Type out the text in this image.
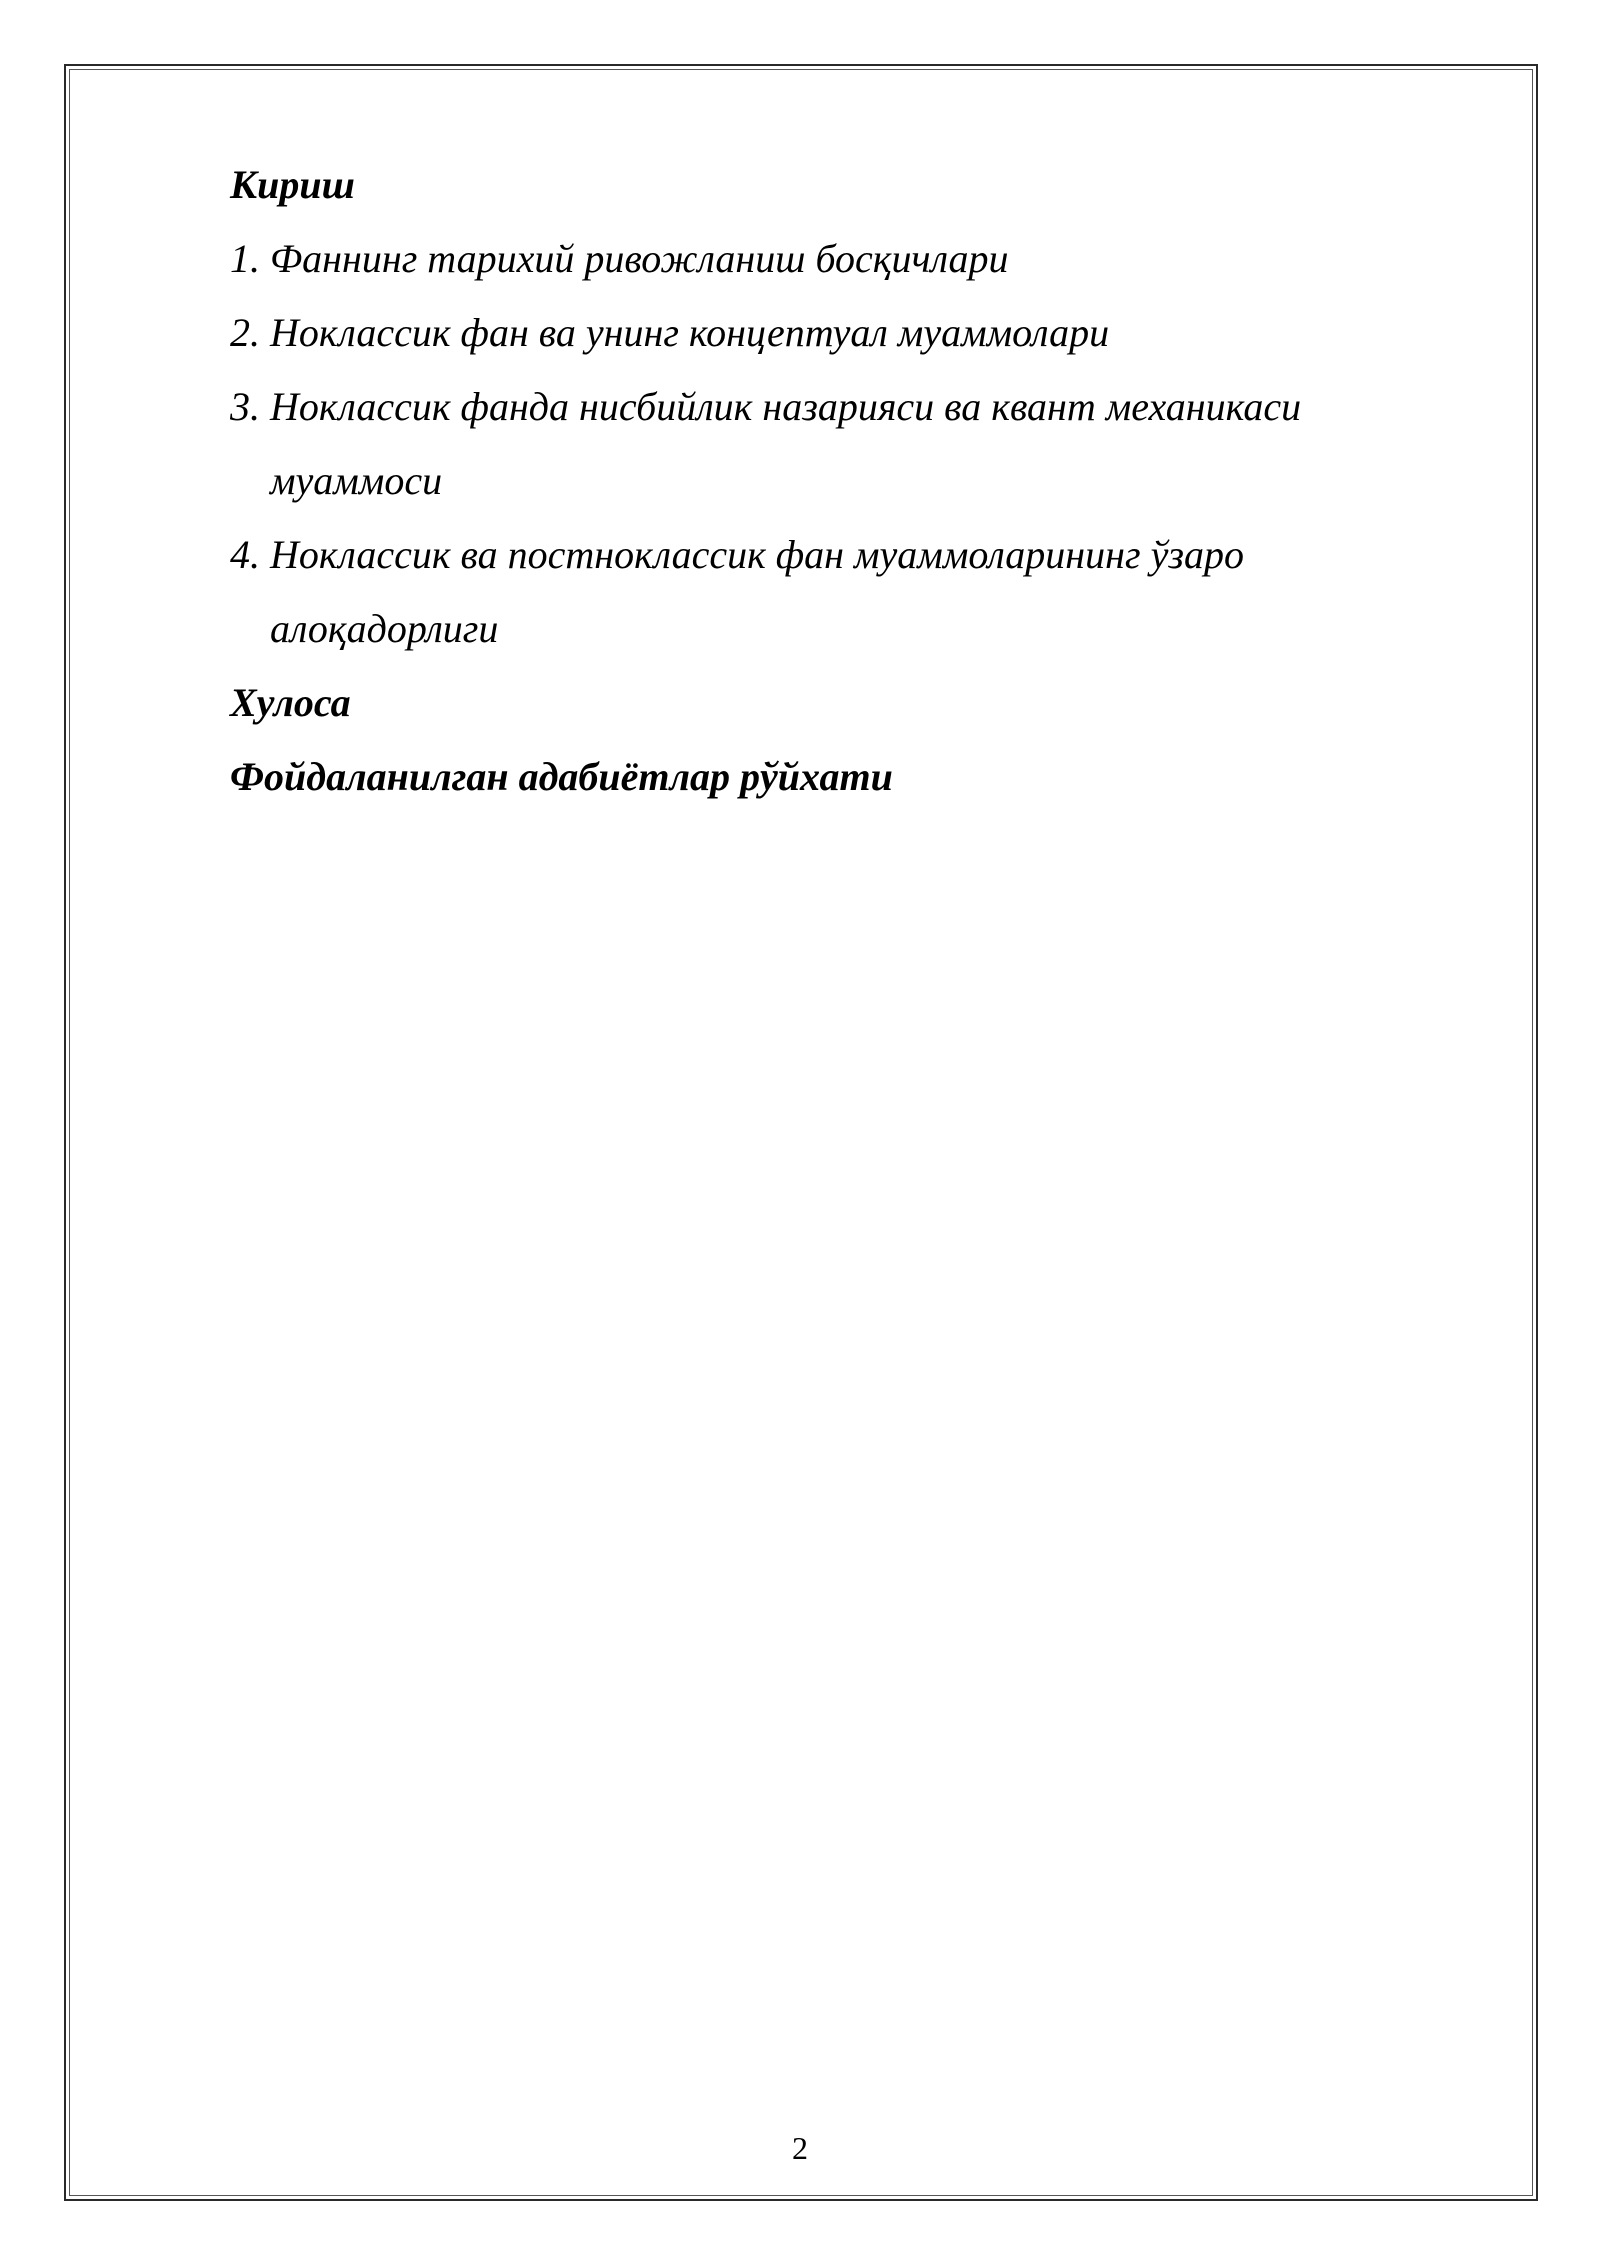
Кириш
1. Фаннинг тарихий ривожланиш босқичлари
2. Ноклассик фан ва унинг концептуал муаммолари
3. Ноклассик фанда нисбийлик назарияси ва квант механикаси муаммоси
4. Ноклассик ва постноклассик фан муаммоларининг ўзаро алоқадорлиги
Хулоса
Фойдаланилган адабиётлар рўйхати
2
